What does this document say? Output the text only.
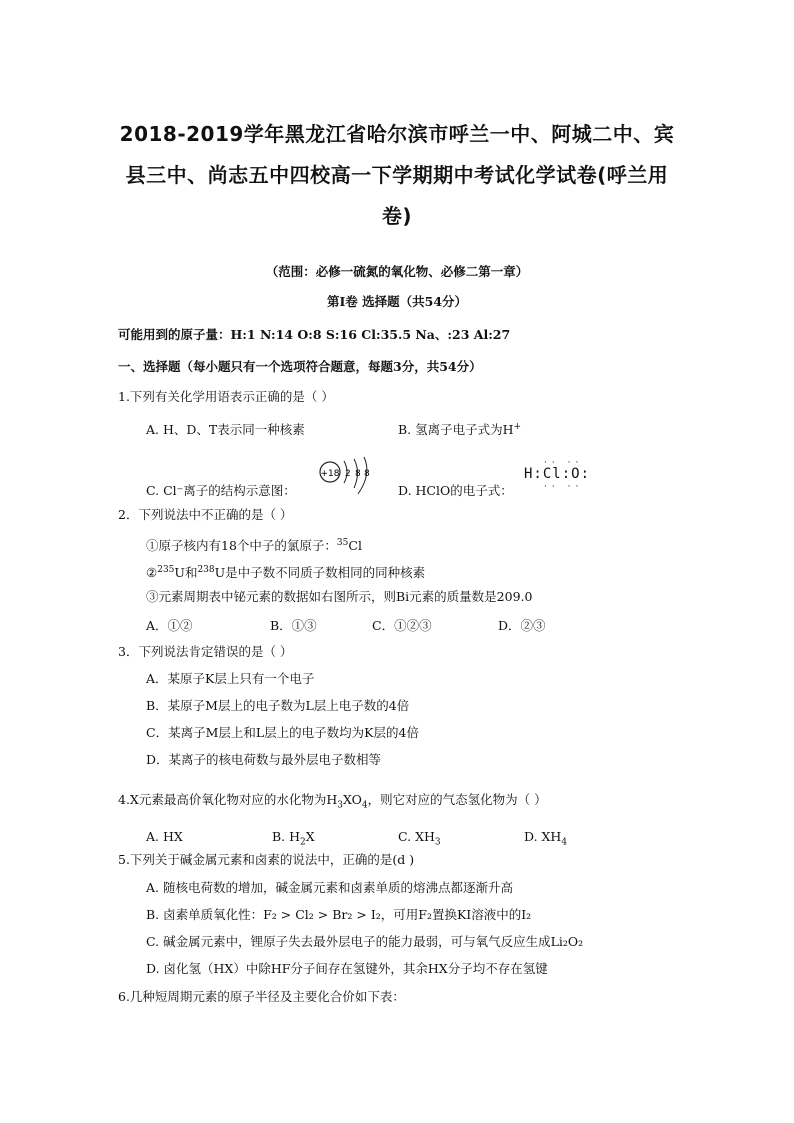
2018-2019学年黑龙江省哈尔滨市呼兰一中、阿城二中、宾
县三中、尚志五中四校高一下学期期中考试化学试卷(呼兰用
卷)
（范围：必修一硫氮的氧化物、必修二第一章）
第I卷 选择题（共54分）
可能用到的原子量：H:1 N:14 O:8 S:16 Cl:35.5 Na、:23 Al:27
一、选择题（每小题只有一个选项符合题意，每题3分，共54分）
1.下列有关化学用语表示正确的是（ ）
A. H、D、T表示同一种核素	B. 氢离子电子式为H+
C. Cl⁻离子的结构示意图：
+18 2 8 8
D. HClO的电子式：
·· ··
H:Cl:O:
·· ··
2．下列说法中不正确的是（ ）
①原子核内有18个中子的氯原子：$^{35}$Cl
②$^{235}$U和$^{238}$U是中子数不同质子数相同的同种核素
③元素周期表中铋元素的数据如右图所示，则Bi元素的质量数是209.0
A．①②	B．①③	C．①②③	D．②③
3．下列说法肯定错误的是（ ）
A．某原子K层上只有一个电子
B．某原子M层上的电子数为L层上电子数的4倍
C．某离子M层上和L层上的电子数均为K层的4倍
D．某离子的核电荷数与最外层电子数相等
4.X元素最高价氧化物对应的水化物为$H_3XO_4$，则它对应的气态氢化物为（ ）
A. HX	B. $H_2X$	C. $XH_3$	D. $XH_4$
5.下列关于碱金属元素和卤素的说法中，正确的是(d )
A. 随核电荷数的增加，碱金属元素和卤素单质的熔沸点都逐渐升高
B. 卤素单质氧化性：F₂ > Cl₂ > Br₂ > I₂，可用F₂置换KI溶液中的I₂
C. 碱金属元素中，锂原子失去最外层电子的能力最弱，可与氧气反应生成Li₂O₂
D. 卤化氢（HX）中除HF分子间存在氢键外，其余HX分子均不存在氢键
6.几种短周期元素的原子半径及主要化合价如下表：
